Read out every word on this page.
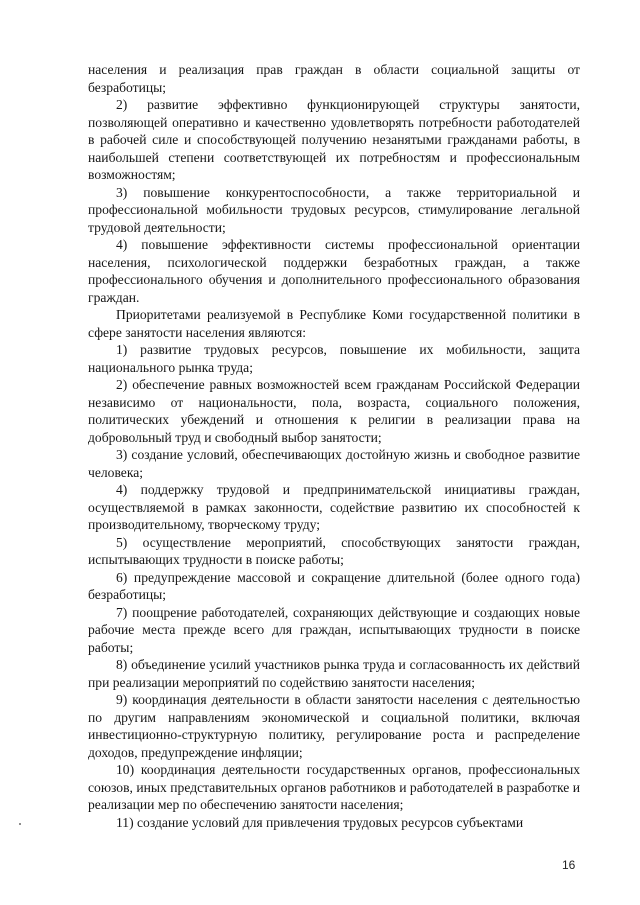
населения и реализация прав граждан в области социальной защиты от безработицы;

2) развитие эффективно функционирующей структуры занятости, позволяющей оперативно и качественно удовлетворять потребности работодателей в рабочей силе и способствующей получению незанятыми гражданами работы, в наибольшей степени соответствующей их потребностям и профессиональным возможностям;

3) повышение конкурентоспособности, а также территориальной и профессиональной мобильности трудовых ресурсов, стимулирование легальной трудовой деятельности;

4) повышение эффективности системы профессиональной ориентации населения, психологической поддержки безработных граждан, а также профессионального обучения и дополнительного профессионального образования граждан.

Приоритетами реализуемой в Республике Коми государственной политики в сфере занятости населения являются:

1) развитие трудовых ресурсов, повышение их мобильности, защита национального рынка труда;

2) обеспечение равных возможностей всем гражданам Российской Федерации независимо от национальности, пола, возраста, социального положения, политических убеждений и отношения к религии в реализации права на добровольный труд и свободный выбор занятости;

3) создание условий, обеспечивающих достойную жизнь и свободное развитие человека;

4) поддержку трудовой и предпринимательской инициативы граждан, осуществляемой в рамках законности, содействие развитию их способностей к производительному, творческому труду;

5) осуществление мероприятий, способствующих занятости граждан, испытывающих трудности в поиске работы;

6) предупреждение массовой и сокращение длительной (более одного года) безработицы;

7) поощрение работодателей, сохраняющих действующие и создающих новые рабочие места прежде всего для граждан, испытывающих трудности в поиске работы;

8) объединение усилий участников рынка труда и согласованность их действий при реализации мероприятий по содействию занятости населения;

9) координация деятельности в области занятости населения с деятельностью по другим направлениям экономической и социальной политики, включая инвестиционно-структурную политику, регулирование роста и распределение доходов, предупреждение инфляции;

10) координация деятельности государственных органов, профессиональных союзов, иных представительных органов работников и работодателей в разработке и реализации мер по обеспечению занятости населения;

11) создание условий для привлечения трудовых ресурсов субъектами

16
